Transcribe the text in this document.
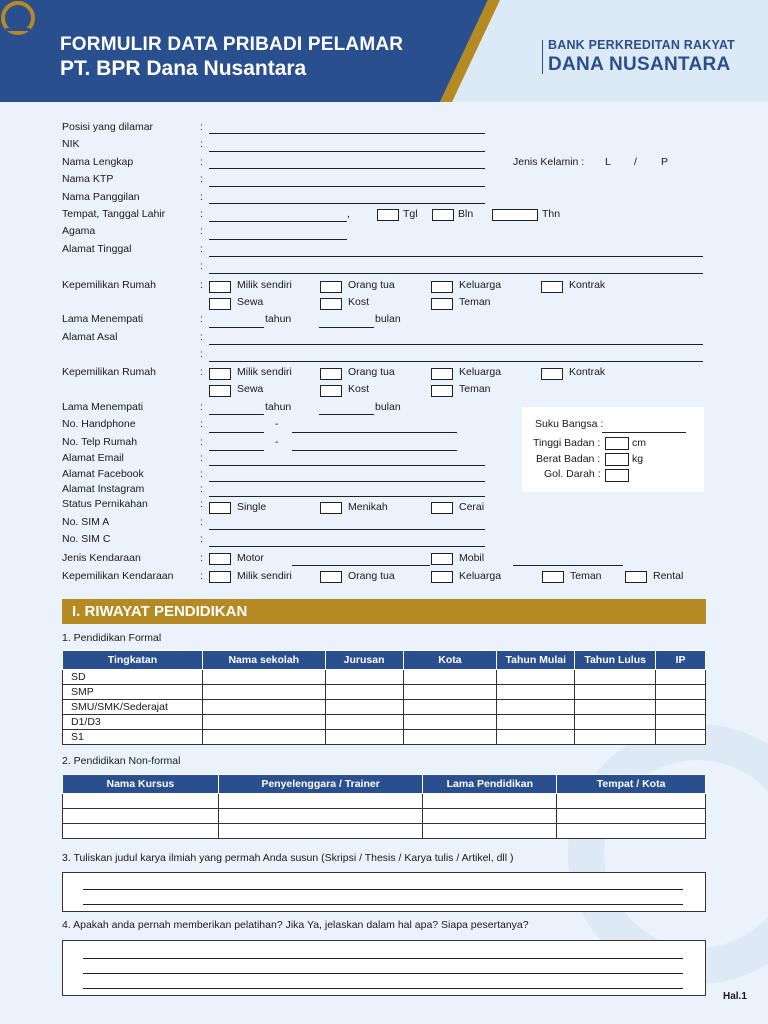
FORMULIR DATA PRIBADI PELAMAR
PT. BPR Dana Nusantara
BANK PERKREDITAN RAKYAT
DANA NUSANTARA
Posisi yang dilamar	:
NIK	:
Nama Lengkap	:	Jenis Kelamin : L / P
Nama KTP	:
Nama Panggilan	:
Tempat, Tanggal Lahir	:	,	Tgl	Bln	Thn
Agama	:
Alamat Tinggal	:
:
Kepemilikan Rumah	:	Milik sendiri	Orang tua	Keluarga	Kontrak
Sewa	Kost	Teman
Lama Menempati	:	tahun	bulan
Alamat Asal	:
:
Kepemilikan Rumah	:	Milik sendiri	Orang tua	Keluarga	Kontrak
Sewa	Kost	Teman
Lama Menempati	:	tahun	bulan
Suku Bangsa :
Tinggi Badan :	cm
Berat Badan :	kg
Gol. Darah :
No. Handphone	:	-
No. Telp Rumah	:	-
Alamat Email	:
Alamat Facebook	:
Alamat Instagram	:
Status Pernikahan	:	Single	Menikah	Cerai
No. SIM A	:
No. SIM C	:
Jenis Kendaraan	:	Motor	Mobil
Kepemilikan Kendaraan	:	Milik sendiri	Orang tua	Keluarga	Teman	Rental
I. RIWAYAT PENDIDIKAN
1. Pendidikan Formal
Tingkatan	Nama sekolah	Jurusan	Kota	Tahun Mulai	Tahun Lulus	IP
SD						
SMP						
SMU/SMK/Sederajat						
D1/D3						
S1						
2. Pendidikan Non-formal
Nama Kursus	Penyelenggara / Trainer	Lama Pendidikan	Tempat / Kota

3. Tuliskan judul karya ilmiah yang permah Anda susun (Skripsi / Thesis / Karya tulis / Artikel, dll )
4. Apakah anda pernah memberikan pelatihan? Jika Ya, jelaskan dalam hal apa? Siapa pesertanya?
Hal.1
